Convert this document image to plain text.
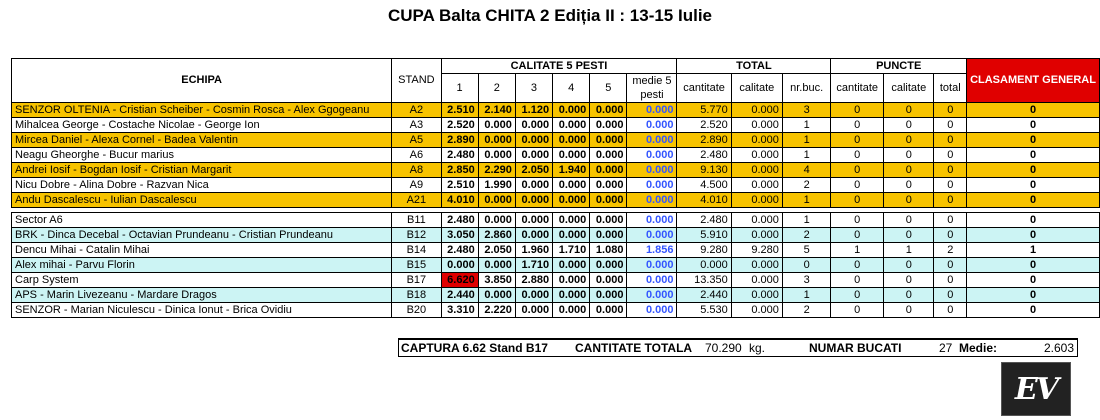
CUPA Balta CHITA 2 Ediția II : 13-15 Iulie
ECHIPA	STAND	CALITATE 5 PESTI						TOTAL			PUNCTE			CLASAMENT GENERAL
		1	2	3	4	5	medie 5 pesti	cantitate	calitate	nr.buc.	cantitate	calitate	total	
SENZOR OLTENIA - Cristian Scheiber - Cosmin Rosca - Alex Ggogeanu	A2	2.510	2.140	1.120	0.000	0.000	0.000	5.770	0.000	3	0	0	0	0
Mihalcea George - Costache Nicolae - George Ion	A3	2.520	0.000	0.000	0.000	0.000	0.000	2.520	0.000	1	0	0	0	0
Mircea Daniel - Alexa Cornel - Badea Valentin	A5	2.890	0.000	0.000	0.000	0.000	0.000	2.890	0.000	1	0	0	0	0
Neagu Gheorghe - Bucur marius	A6	2.480	0.000	0.000	0.000	0.000	0.000	2.480	0.000	1	0	0	0	0
Andrei Iosif - Bogdan Iosif - Cristian Margarit	A8	2.850	2.290	2.050	1.940	0.000	0.000	9.130	0.000	4	0	0	0	0
Nicu Dobre - Alina Dobre - Razvan Nica	A9	2.510	1.990	0.000	0.000	0.000	0.000	4.500	0.000	2	0	0	0	0
Andu Dascalescu - Iulian Dascalescu	A21	4.010	0.000	0.000	0.000	0.000	0.000	4.010	0.000	1	0	0	0	0

Sector A6	B11	2.480	0.000	0.000	0.000	0.000	0.000	2.480	0.000	1	0	0	0	0
BRK - Dinca Decebal - Octavian Prundeanu - Cristian Prundeanu	B12	3.050	2.860	0.000	0.000	0.000	0.000	5.910	0.000	2	0	0	0	0
Dencu Mihai - Catalin Mihai	B14	2.480	2.050	1.960	1.710	1.080	1.856	9.280	9.280	5	1	1	2	1
Alex mihai - Parvu Florin	B15	0.000	0.000	1.710	0.000	0.000	0.000	0.000	0.000	0	0	0	0	0
Carp System	B17	6.620	3.850	2.880	0.000	0.000	0.000	13.350	0.000	3	0	0	0	0
APS - Marin Livezeanu - Mardare Dragos	B18	2.440	0.000	0.000	0.000	0.000	0.000	2.440	0.000	1	0	0	0	0
SENZOR - Marian Niculescu - Dinica Ionut - Brica Ovidiu	B20	3.310	2.220	0.000	0.000	0.000	0.000	5.530	0.000	2	0	0	0	0
CAPTURA 6.62 Stand B17 CANTITATE TOTALA 70.290 kg.	NUMAR BUCATI	27 Medie:	2.603
EV
